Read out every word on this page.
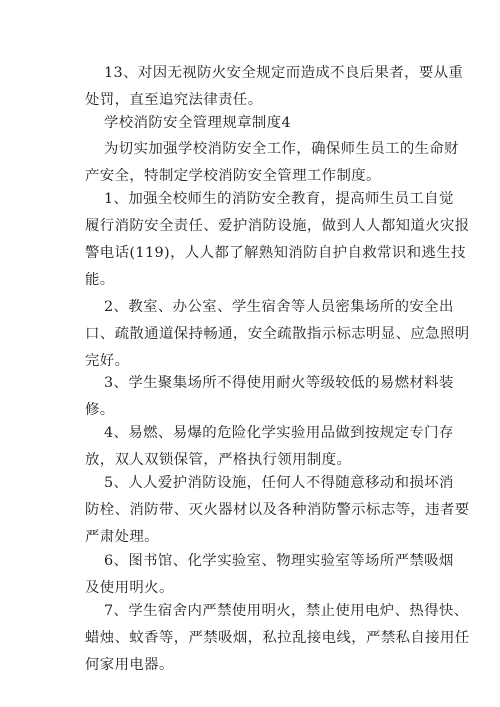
13、对因无视防火安全规定而造成不良后果者，要从重
处罚，直至追究法律责任。
学校消防安全管理规章制度4
为切实加强学校消防安全工作，确保师生员工的生命财
产安全，特制定学校消防安全管理工作制度。
1、加强全校师生的消防安全教育，提高师生员工自觉
履行消防安全责任、爱护消防设施，做到人人都知道火灾报
警电话(119)，人人都了解熟知消防自护自救常识和逃生技
能。
2、教室、办公室、学生宿舍等人员密集场所的安全出
口、疏散通道保持畅通，安全疏散指示标志明显、应急照明
完好。
3、学生聚集场所不得使用耐火等级较低的易燃材料装
修。
4、易燃、易爆的危险化学实验用品做到按规定专门存
放，双人双锁保管，严格执行领用制度。
5、人人爱护消防设施，任何人不得随意移动和损坏消
防栓、消防带、灭火器材以及各种消防警示标志等，违者要
严肃处理。
6、图书馆、化学实验室、物理实验室等场所严禁吸烟
及使用明火。
7、学生宿舍内严禁使用明火，禁止使用电炉、热得快、
蜡烛、蚊香等，严禁吸烟，私拉乱接电线，严禁私自接用任
何家用电器。
